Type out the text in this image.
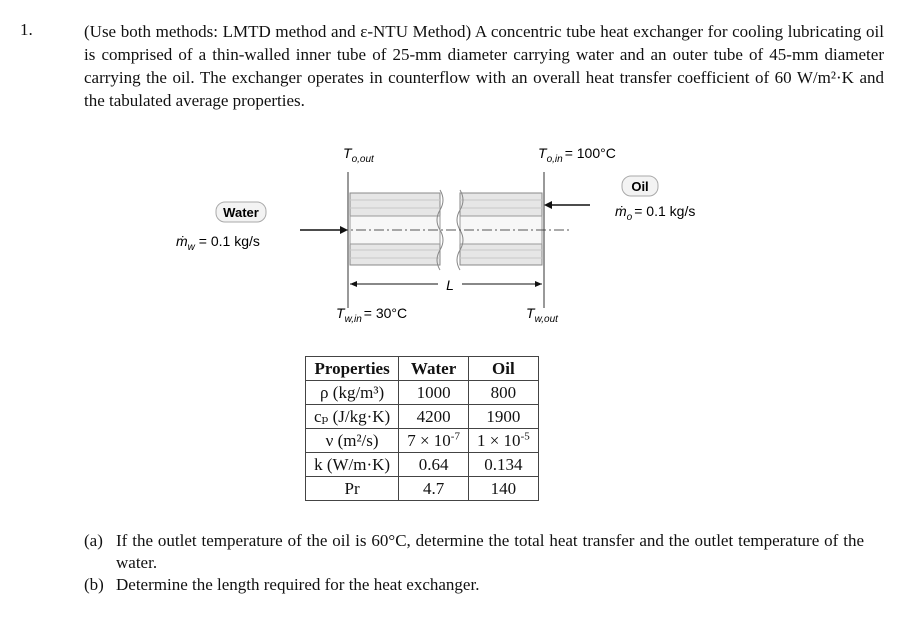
1.	(Use both methods: LMTD method and ε-NTU Method) A concentric tube heat exchanger for cooling lubricating oil is comprised of a thin-walled inner tube of 25-mm diameter carrying water and an outer tube of 45-mm diameter carrying the oil. The exchanger operates in counterflow with an overall heat transfer coefficient of 60 W/m²·K and the tabulated average properties.
$T_{o,out}$	$T_{o,in} = 100^\circ C$
Oil
ṁ$_o$ = 0.1 kg/s
Water
ṁ$_w$ = 0.1 kg/s
$T_{w,in} = 30^\circ C$	$T_{w,out}$
L
Properties	Water	Oil
ρ (kg/m³)	1000	800
cₚ (J/kg·K)	4200	1900
ν (m²/s)	$7 \times 10^{-7}$	$1 \times 10^{-5}$
k (W/m·K)	0.64	0.134
Pr	4.7	140
(a) If the outlet temperature of the oil is 60°C, determine the total heat transfer and the outlet temperature of the water.
(b) Determine the length required for the heat exchanger.
